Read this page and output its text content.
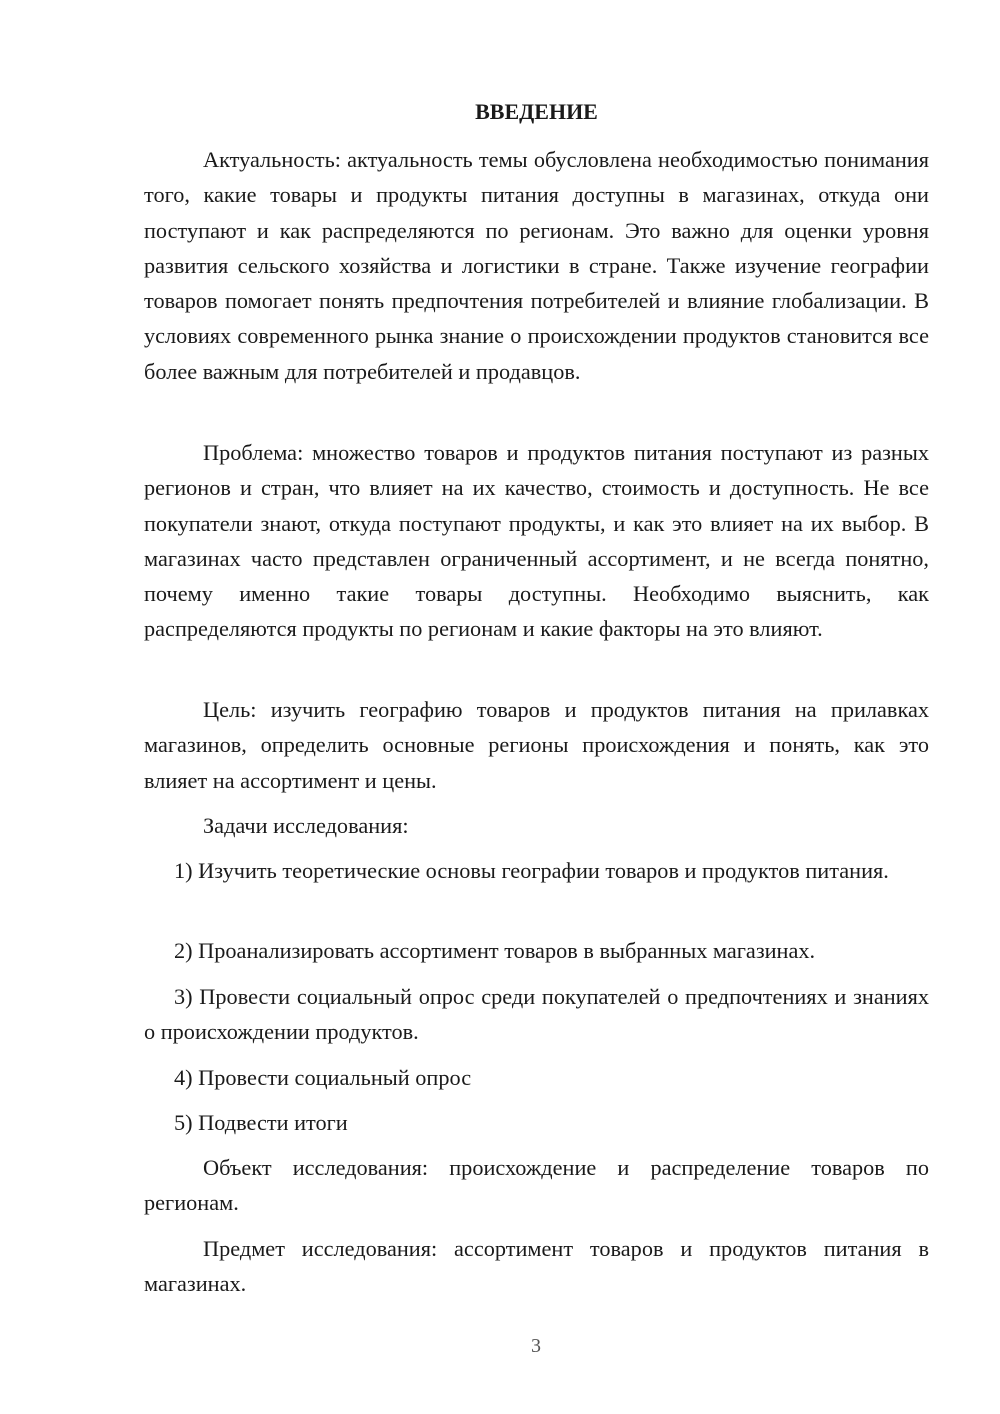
ВВЕДЕНИЕ

Актуальность: актуальность темы обусловлена необходимостью понимания того, какие товары и продукты питания доступны в магазинах, откуда они поступают и как распределяются по регионам. Это важно для оценки уровня развития сельского хозяйства и логистики в стране. Также изучение географии товаров помогает понять предпочтения потребителей и влияние глобализации. В условиях современного рынка знание о происхождении продуктов становится все более важным для потребителей и продавцов.

Проблема: множество товаров и продуктов питания поступают из разных регионов и стран, что влияет на их качество, стоимость и доступность. Не все покупатели знают, откуда поступают продукты, и как это влияет на их выбор. В магазинах часто представлен ограниченный ассортимент, и не всегда понятно, почему именно такие товары доступны. Необходимо выяснить, как распределяются продукты по регионам и какие факторы на это влияют.

Цель: изучить географию товаров и продуктов питания на прилавках магазинов, определить основные регионы происхождения и понять, как это влияет на ассортимент и цены.

Задачи исследования:

1) Изучить теоретические основы географии товаров и продуктов питания.

2) Проанализировать ассортимент товаров в выбранных магазинах.

3) Провести социальный опрос среди покупателей о предпочтениях и знаниях о происхождении продуктов.

4) Провести социальный опрос

5) Подвести итоги

Объект исследования: происхождение и распределение товаров по регионам.

Предмет исследования: ассортимент товаров и продуктов питания в магазинах.

3
